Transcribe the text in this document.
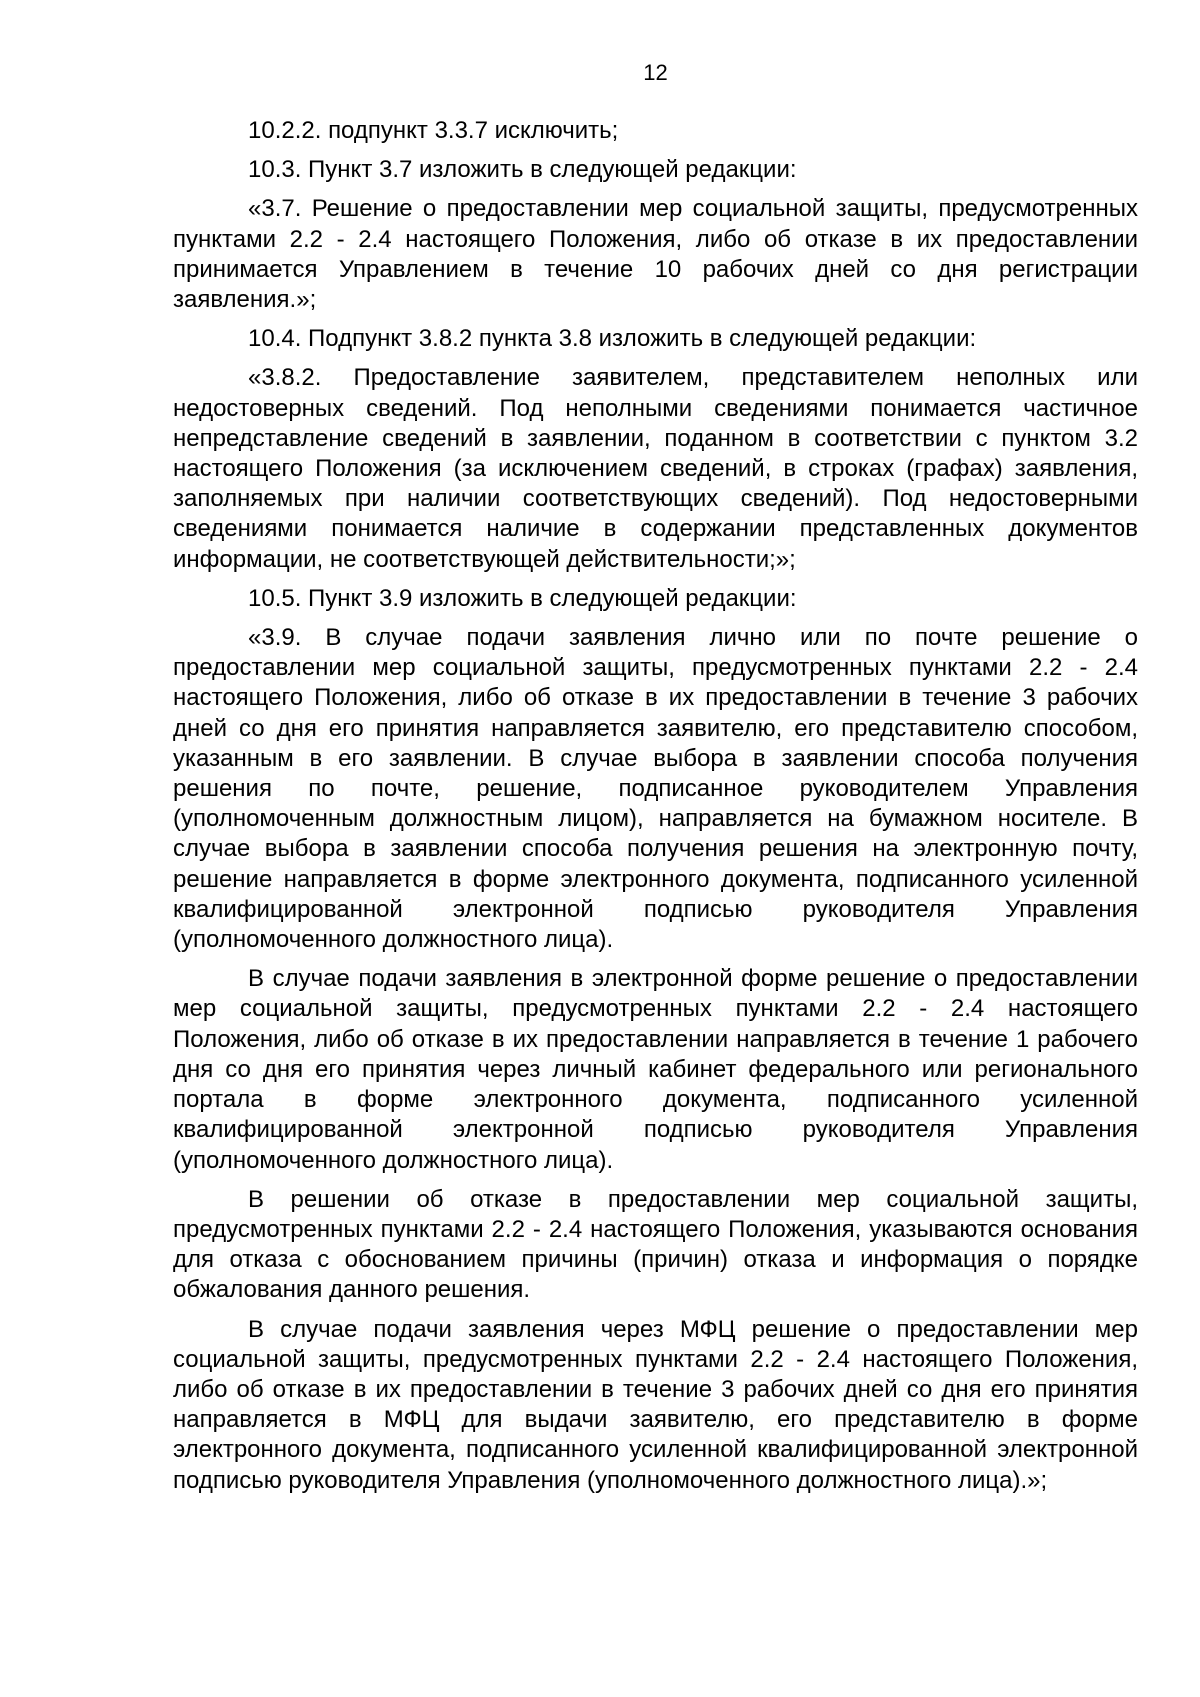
12

10.2.2. подпункт 3.3.7 исключить;

10.3. Пункт 3.7 изложить в следующей редакции:

«3.7. Решение о предоставлении мер социальной защиты, предусмотренных пунктами 2.2 - 2.4 настоящего Положения, либо об отказе в их предоставлении принимается Управлением в течение 10 рабочих дней со дня регистрации заявления.»;

10.4. Подпункт 3.8.2 пункта 3.8 изложить в следующей редакции:

«3.8.2. Предоставление заявителем, представителем неполных или недостоверных сведений. Под неполными сведениями понимается частичное непредставление сведений в заявлении, поданном в соответствии с пунктом 3.2 настоящего Положения (за исключением сведений, в строках (графах) заявления, заполняемых при наличии соответствующих сведений). Под недостоверными сведениями понимается наличие в содержании представленных документов информации, не соответствующей действительности;»;

10.5. Пункт 3.9 изложить в следующей редакции:

«3.9. В случае подачи заявления лично или по почте решение о предоставлении мер социальной защиты, предусмотренных пунктами 2.2 - 2.4 настоящего Положения, либо об отказе в их предоставлении в течение 3 рабочих дней со дня его принятия направляется заявителю, его представителю способом, указанным в его заявлении. В случае выбора в заявлении способа получения решения по почте, решение, подписанное руководителем Управления (уполномоченным должностным лицом), направляется на бумажном носителе. В случае выбора в заявлении способа получения решения на электронную почту, решение направляется в форме электронного документа, подписанного усиленной квалифицированной электронной подписью руководителя Управления (уполномоченного должностного лица).

В случае подачи заявления в электронной форме решение о предоставлении мер социальной защиты, предусмотренных пунктами 2.2 - 2.4 настоящего Положения, либо об отказе в их предоставлении направляется в течение 1 рабочего дня со дня его принятия через личный кабинет федерального или регионального портала в форме электронного документа, подписанного усиленной квалифицированной электронной подписью руководителя Управления (уполномоченного должностного лица).

В решении об отказе в предоставлении мер социальной защиты, предусмотренных пунктами 2.2 - 2.4 настоящего Положения, указываются основания для отказа с обоснованием причины (причин) отказа и информация о порядке обжалования данного решения.

В случае подачи заявления через МФЦ решение о предоставлении мер социальной защиты, предусмотренных пунктами 2.2 - 2.4 настоящего Положения, либо об отказе в их предоставлении в течение 3 рабочих дней со дня его принятия направляется в МФЦ для выдачи заявителю, его представителю в форме электронного документа, подписанного усиленной квалифицированной электронной подписью руководителя Управления (уполномоченного должностного лица).»;
